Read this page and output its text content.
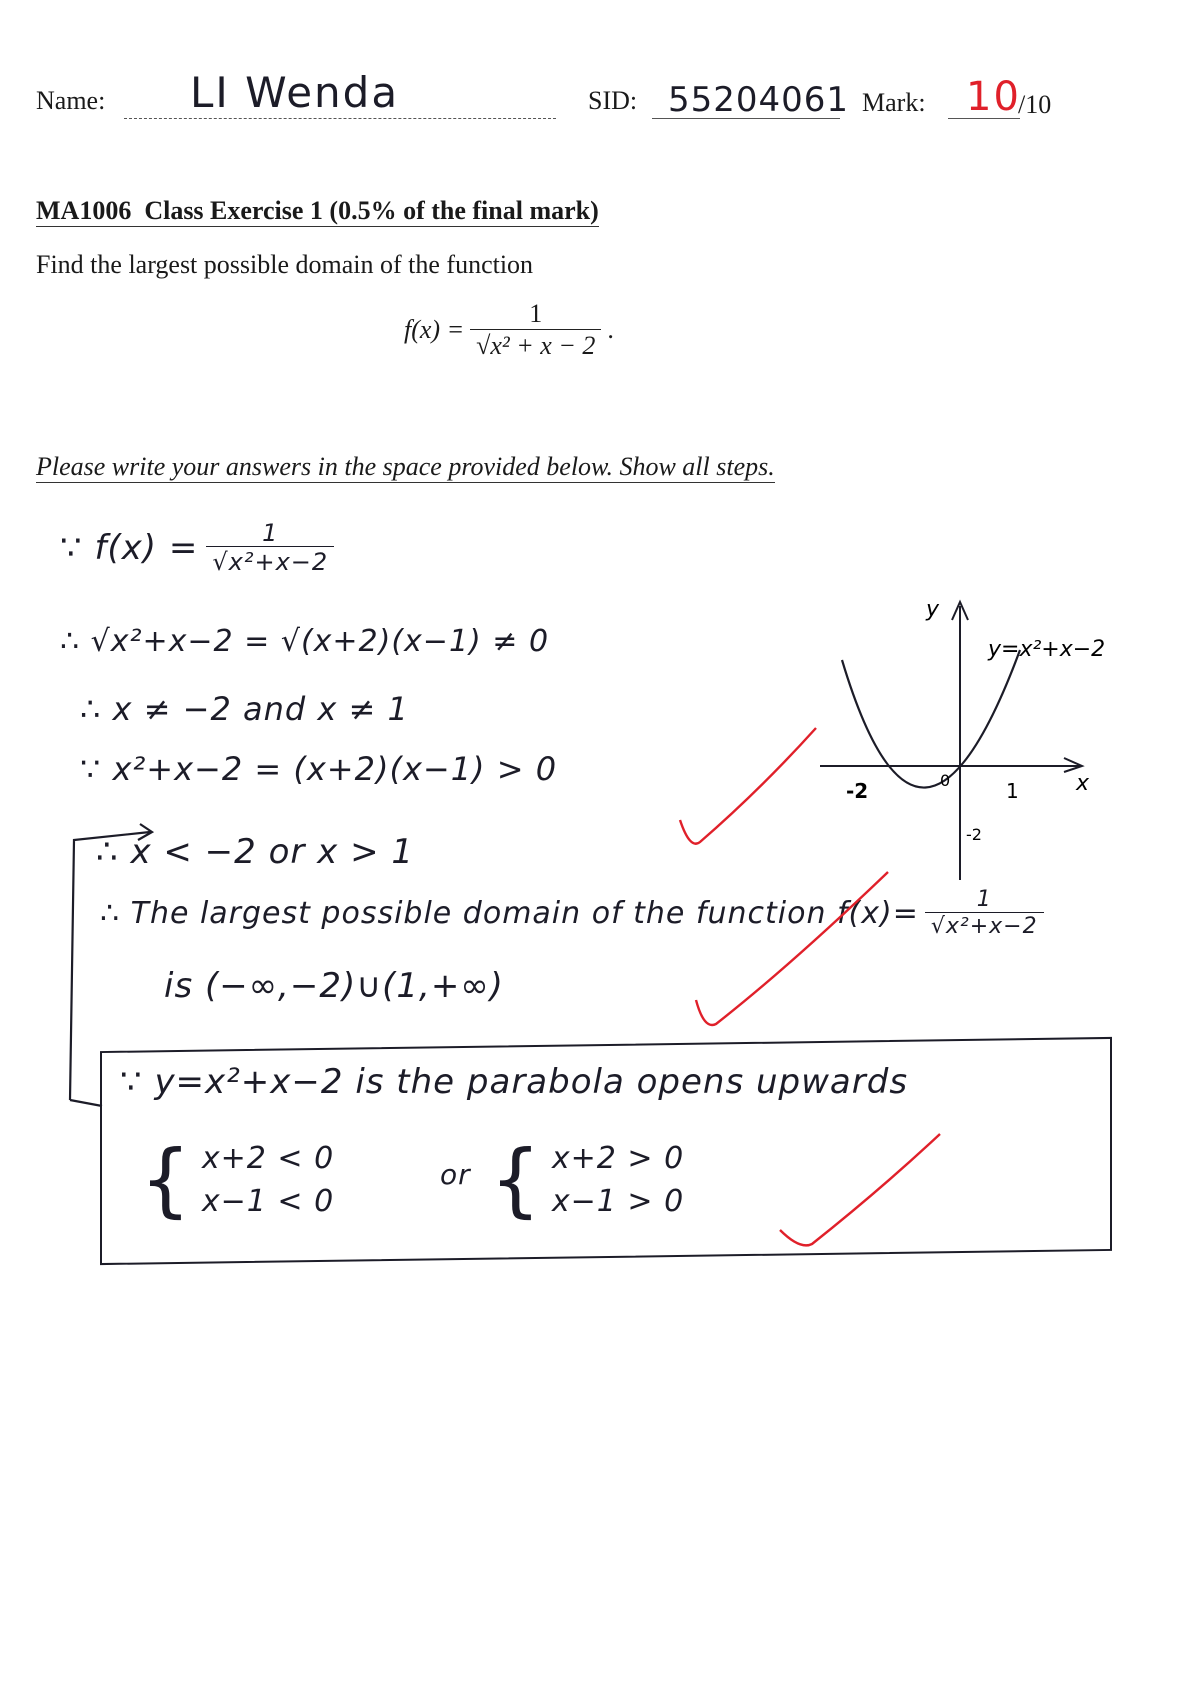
Name: LI Wenda	SID: 55204061 Mark: 10
/10
MA1006  Class Exercise 1 (0.5% of the final mark)
Find the largest possible domain of the function
$f(x) = \frac{1}{\text{√x² + x − 2}}$ .
Please write your answers in the space provided below. Show all steps.
∵ $f(x) = \frac{1}{\text{√x²+x−2}}$
∴ √x²+x−2 = √(x+2)(x−1) ≠ 0
∴ x ≠ −2 and x ≠ 1
∵ x²+x−2 = (x+2)(x−1) > 0
∴ x < −2 or x > 1
∴ The largest possible domain of the function $f(x)= \frac{1}{\text{√x²+x−2}}$
is (−∞,−2)∪(1,+∞)
∵ y=x²+x−2 is the parabola opens upwards
{ x+2 < 0
x−1 < 0
or { x+2 > 0
x−1 > 0
y
x
y=x²+x−2
-2	0	1
-2
